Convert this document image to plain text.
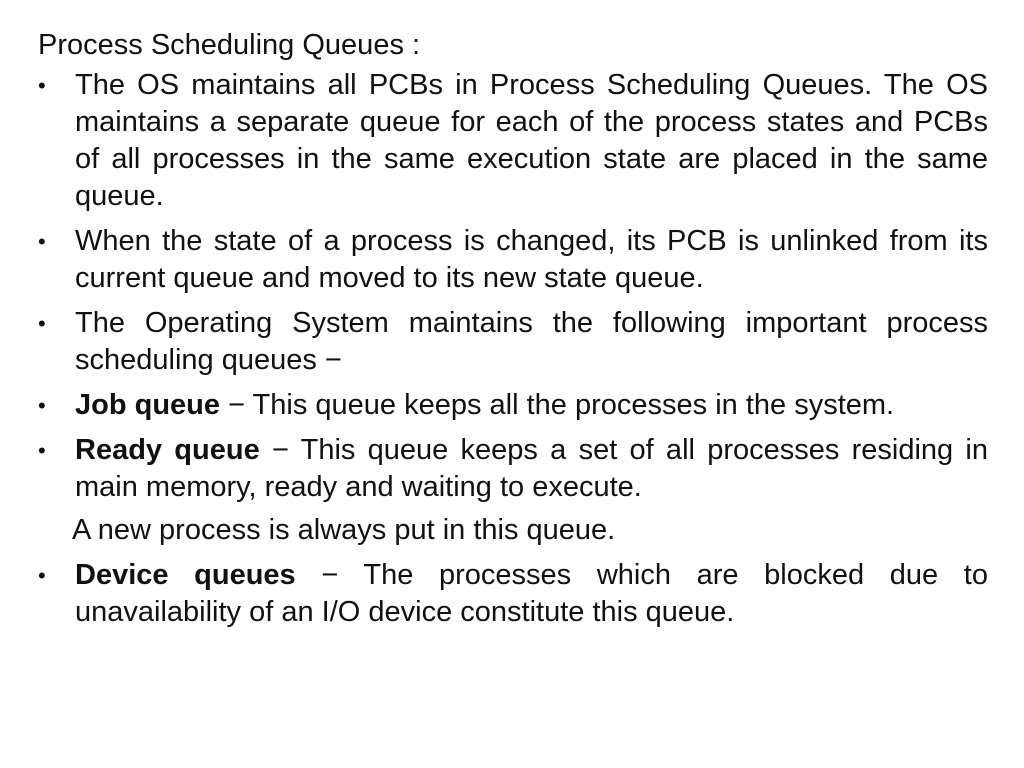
Process Scheduling Queues :
•	The OS maintains all PCBs in Process Scheduling Queues. The OS maintains a separate queue for each of the process states and PCBs of all processes in the same execution state are placed in the same queue.
•	When the state of a process is changed, its PCB is unlinked from its current queue and moved to its new state queue.
•	The Operating System maintains the following important process scheduling queues −
•	Job queue − This queue keeps all the processes in the system.
•	Ready queue − This queue keeps a set of all processes residing in main memory, ready and waiting to execute.
A new process is always put in this queue.
•	Device queues − The processes which are blocked due to unavailability of an I/O device constitute this queue.
